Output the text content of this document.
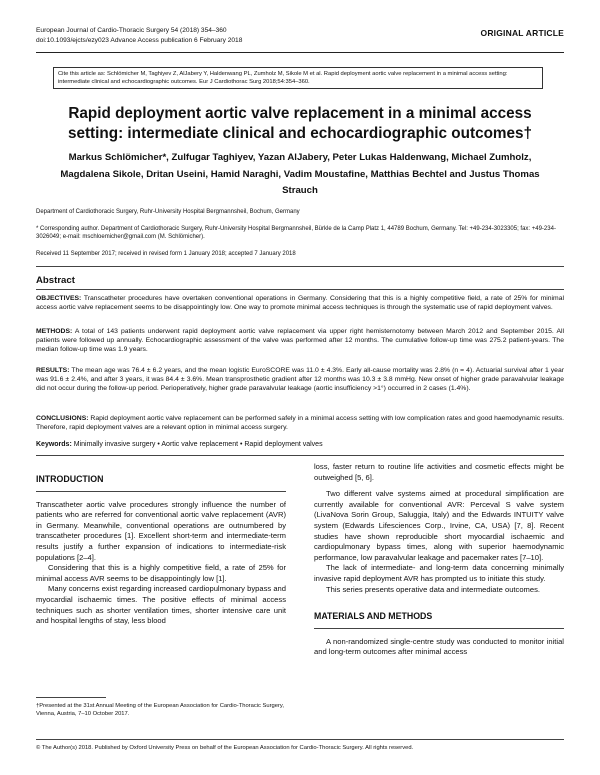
European Journal of Cardio-Thoracic Surgery 54 (2018) 354–360
doi:10.1093/ejcts/ezy023 Advance Access publication 6 February 2018
ORIGINAL ARTICLE
Cite this article as: Schlömicher M, Taghiyev Z, AlJabery Y, Haldenwang PL, Zumholz M, Sikole M et al. Rapid deployment aortic valve replacement in a minimal access setting: intermediate clinical and echocardiographic outcomes. Eur J Cardiothorac Surg 2018;54:354–360.
Rapid deployment aortic valve replacement in a minimal access setting: intermediate clinical and echocardiographic outcomes†
Markus Schlömicher*, Zulfugar Taghiyev, Yazan AlJabery, Peter Lukas Haldenwang, Michael Zumholz, Magdalena Sikole, Dritan Useini, Hamid Naraghi, Vadim Moustafine, Matthias Bechtel and Justus Thomas Strauch
Department of Cardiothoracic Surgery, Ruhr-University Hospital Bergmannsheil, Bochum, Germany
* Corresponding author. Department of Cardiothoracic Surgery, Ruhr-University Hospital Bergmannsheil, Bürkle de la Camp Platz 1, 44789 Bochum, Germany. Tel: +49-234-3023305; fax: +49-234-3026049; e-mail: mschloemicher@gmail.com (M. Schlömicher).
Received 11 September 2017; received in revised form 1 January 2018; accepted 7 January 2018
Abstract
OBJECTIVES: Transcatheter procedures have overtaken conventional operations in Germany. Considering that this is a highly competitive field, a rate of 25% for minimal access aortic valve replacement seems to be disappointingly low. One way to promote minimal access techniques is through the systematic use of rapid deployment valves.
METHODS: A total of 143 patients underwent rapid deployment aortic valve replacement via upper right hemisternotomy between March 2012 and September 2015. All patients were followed up annually. Echocardiographic assessment of the valve was performed after 12 months. The cumulative follow-up time was 275.2 patient-years. The median follow-up time was 1.9 years.
RESULTS: The mean age was 76.4 ± 6.2 years, and the mean logistic EuroSCORE was 11.0 ± 4.3%. Early all-cause mortality was 2.8% (n = 4). Actuarial survival after 1 year was 91.6 ± 2.4%, and after 3 years, it was 84.4 ± 3.6%. Mean transprosthetic gradient after 12 months was 10.3 ± 3.8 mmHg. New onset of higher grade paravalvular leakage did not occur during the follow-up period. Perioperatively, higher grade paravalvular leakage (aortic insufficiency >1°) occurred in 2 cases (1.4%).
CONCLUSIONS: Rapid deployment aortic valve replacement can be performed safely in a minimal access setting with low complication rates and good haemodynamic results. Therefore, rapid deployment valves are a relevant option in minimal access surgery.
Keywords: Minimally invasive surgery • Aortic valve replacement • Rapid deployment valves
INTRODUCTION

Transcatheter aortic valve procedures strongly influence the number of patients who are referred for conventional aortic valve replacement (AVR) in Germany. Meanwhile, conventional operations are outnumbered by transcatheter procedures [1]. Excellent short-term and intermediate-term results justify a further expansion of indications to intermediate-risk populations [2–4].

Considering that this is a highly competitive field, a rate of 25% for minimal access AVR seems to be disappointingly low [1].

Many concerns exist regarding increased cardiopulmonary bypass and myocardial ischaemic times. The positive effects of minimal access techniques such as shorter ventilation times, shorter intensive care unit and hospital lengths of stay, less blood

loss, faster return to routine life activities and cosmetic effects might be outweighed [5, 6].

Two different valve systems aimed at procedural simplification are currently available for conventional AVR: Perceval S valve system (LivaNova Sorin Group, Saluggia, Italy) and the Edwards INTUITY valve system (Edwards Lifesciences Corp., Irvine, CA, USA) [7, 8]. Recent studies have shown reproducible short myocardial ischaemic and cardiopulmonary bypass times, along with superior haemodynamic performance, low paravalvular leakage and pacemaker rates [7–10].

The lack of intermediate- and long-term data concerning minimally invasive rapid deployment AVR has prompted us to initiate this study.

This series presents operative data and intermediate outcomes.

MATERIALS AND METHODS

A non-randomized single-centre study was conducted to monitor initial and long-term outcomes after minimal access

†Presented at the 31st Annual Meeting of the European Association for Cardio-Thoracic Surgery, Vienna, Austria, 7–10 October 2017.
© The Author(s) 2018. Published by Oxford University Press on behalf of the European Association for Cardio-Thoracic Surgery. All rights reserved.
